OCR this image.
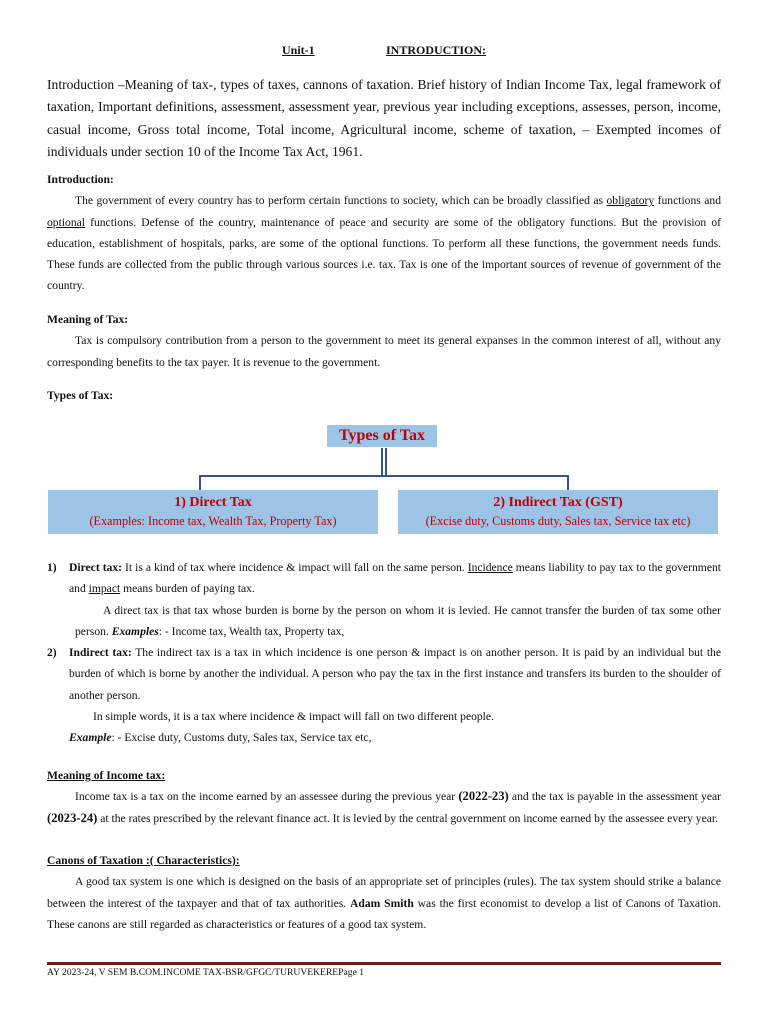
Unit-1	INTRODUCTION:

Introduction –Meaning of tax-, types of taxes, cannons of taxation. Brief history of Indian Income Tax, legal framework of taxation, Important definitions, assessment, assessment year, previous year including exceptions, assesses, person, income, casual income, Gross total income, Total income, Agricultural income, scheme of taxation, – Exempted incomes of individuals under section 10 of the Income Tax Act, 1961.

Introduction:

The government of every country has to perform certain functions to society, which can be broadly classified as obligatory functions and optional functions. Defense of the country, maintenance of peace and security are some of the obligatory functions. But the provision of education, establishment of hospitals, parks, are some of the optional functions. To perform all these functions, the government needs funds. These funds are collected from the public through various sources i.e. tax. Tax is one of the important sources of revenue of government of the country.

Meaning of Tax:

Tax is compulsory contribution from a person to the government to meet its general expanses in the common interest of all, without any corresponding benefits to the tax payer. It is revenue to the government.

Types of Tax:

Types of Tax
1) Direct Tax
(Examples: Income tax, Wealth Tax, Property Tax)
2) Indirect Tax (GST)
(Excise duty, Customs duty, Sales tax, Service tax etc)
1) Direct tax: It is a kind of tax where incidence & impact will fall on the same person. Incidence means liability to pay tax to the government and impact means burden of paying tax.

A direct tax is that tax whose burden is borne by the person on whom it is levied. He cannot transfer the burden of tax some other person. Examples: - Income tax, Wealth tax, Property tax,

2) Indirect tax: The indirect tax is a tax in which incidence is one person & impact is on another person. It is paid by an individual but the burden of which is borne by another the individual. A person who pay the tax in the first instance and transfers its burden to the shoulder of another person.

In simple words, it is a tax where incidence & impact will fall on two different people.

Example: - Excise duty, Customs duty, Sales tax, Service tax etc,

Meaning of Income tax:

Income tax is a tax on the income earned by an assessee during the previous year (2022-23) and the tax is payable in the assessment year (2023-24) at the rates prescribed by the relevant finance act. It is levied by the central government on income earned by the assessee every year.

Canons of Taxation :( Characteristics):

A good tax system is one which is designed on the basis of an appropriate set of principles (rules). The tax system should strike a balance between the interest of the taxpayer and that of tax authorities. Adam Smith was the first economist to develop a list of Canons of Taxation. These canons are still regarded as characteristics or features of a good tax system.

AY 2023-24, V SEM B.COM.INCOME TAX-BSR/GFGC/TURUVEKEREPage 1
